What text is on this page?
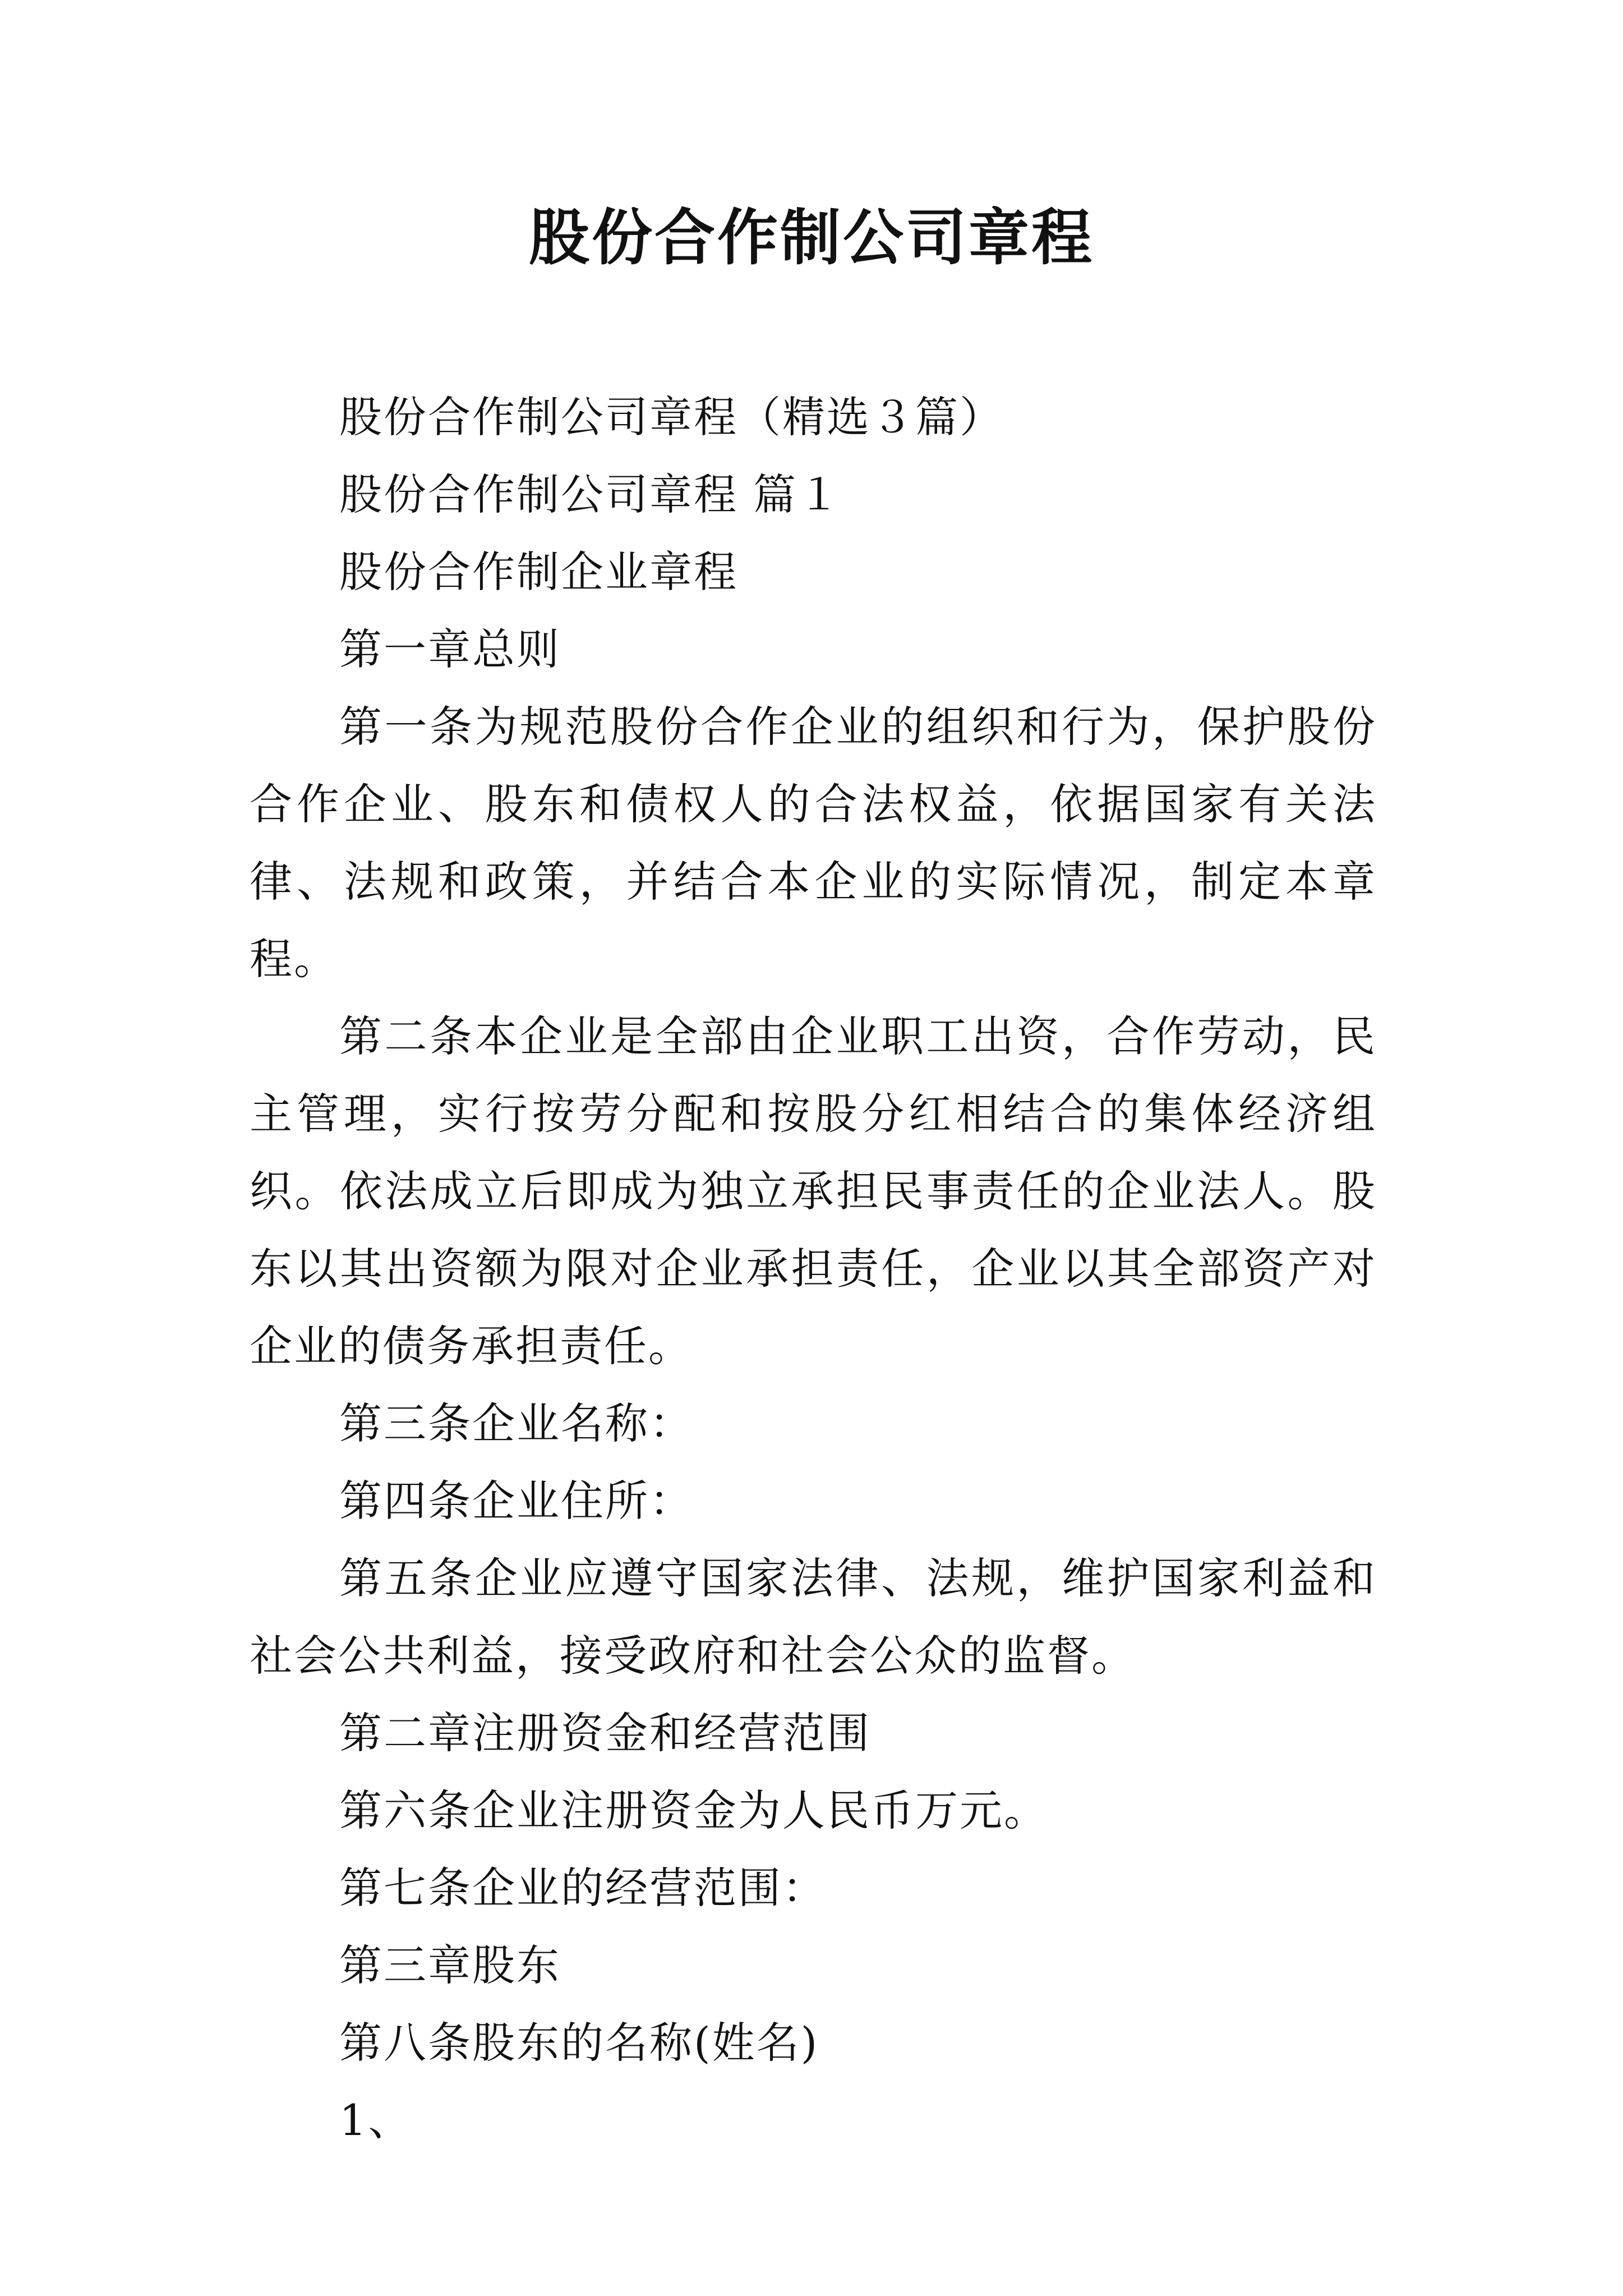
股份合作制公司章程

股份合作制公司章程（精选３篇）

股份合作制公司章程 篇１

股份合作制企业章程

第一章总则

第一条为规范股份合作企业的组织和行为，保护股份合作企业、股东和债权人的合法权益，依据国家有关法律、法规和政策，并结合本企业的实际情况，制定本章程。

第二条本企业是全部由企业职工出资，合作劳动，民主管理，实行按劳分配和按股分红相结合的集体经济组织。依法成立后即成为独立承担民事责任的企业法人。股东以其出资额为限对企业承担责任，企业以其全部资产对企业的债务承担责任。

第三条企业名称：

第四条企业住所：

第五条企业应遵守国家法律、法规，维护国家利益和社会公共利益，接受政府和社会公众的监督。

第二章注册资金和经营范围

第六条企业注册资金为人民币万元。

第七条企业的经营范围：

第三章股东

第八条股东的名称(姓名)

1、
